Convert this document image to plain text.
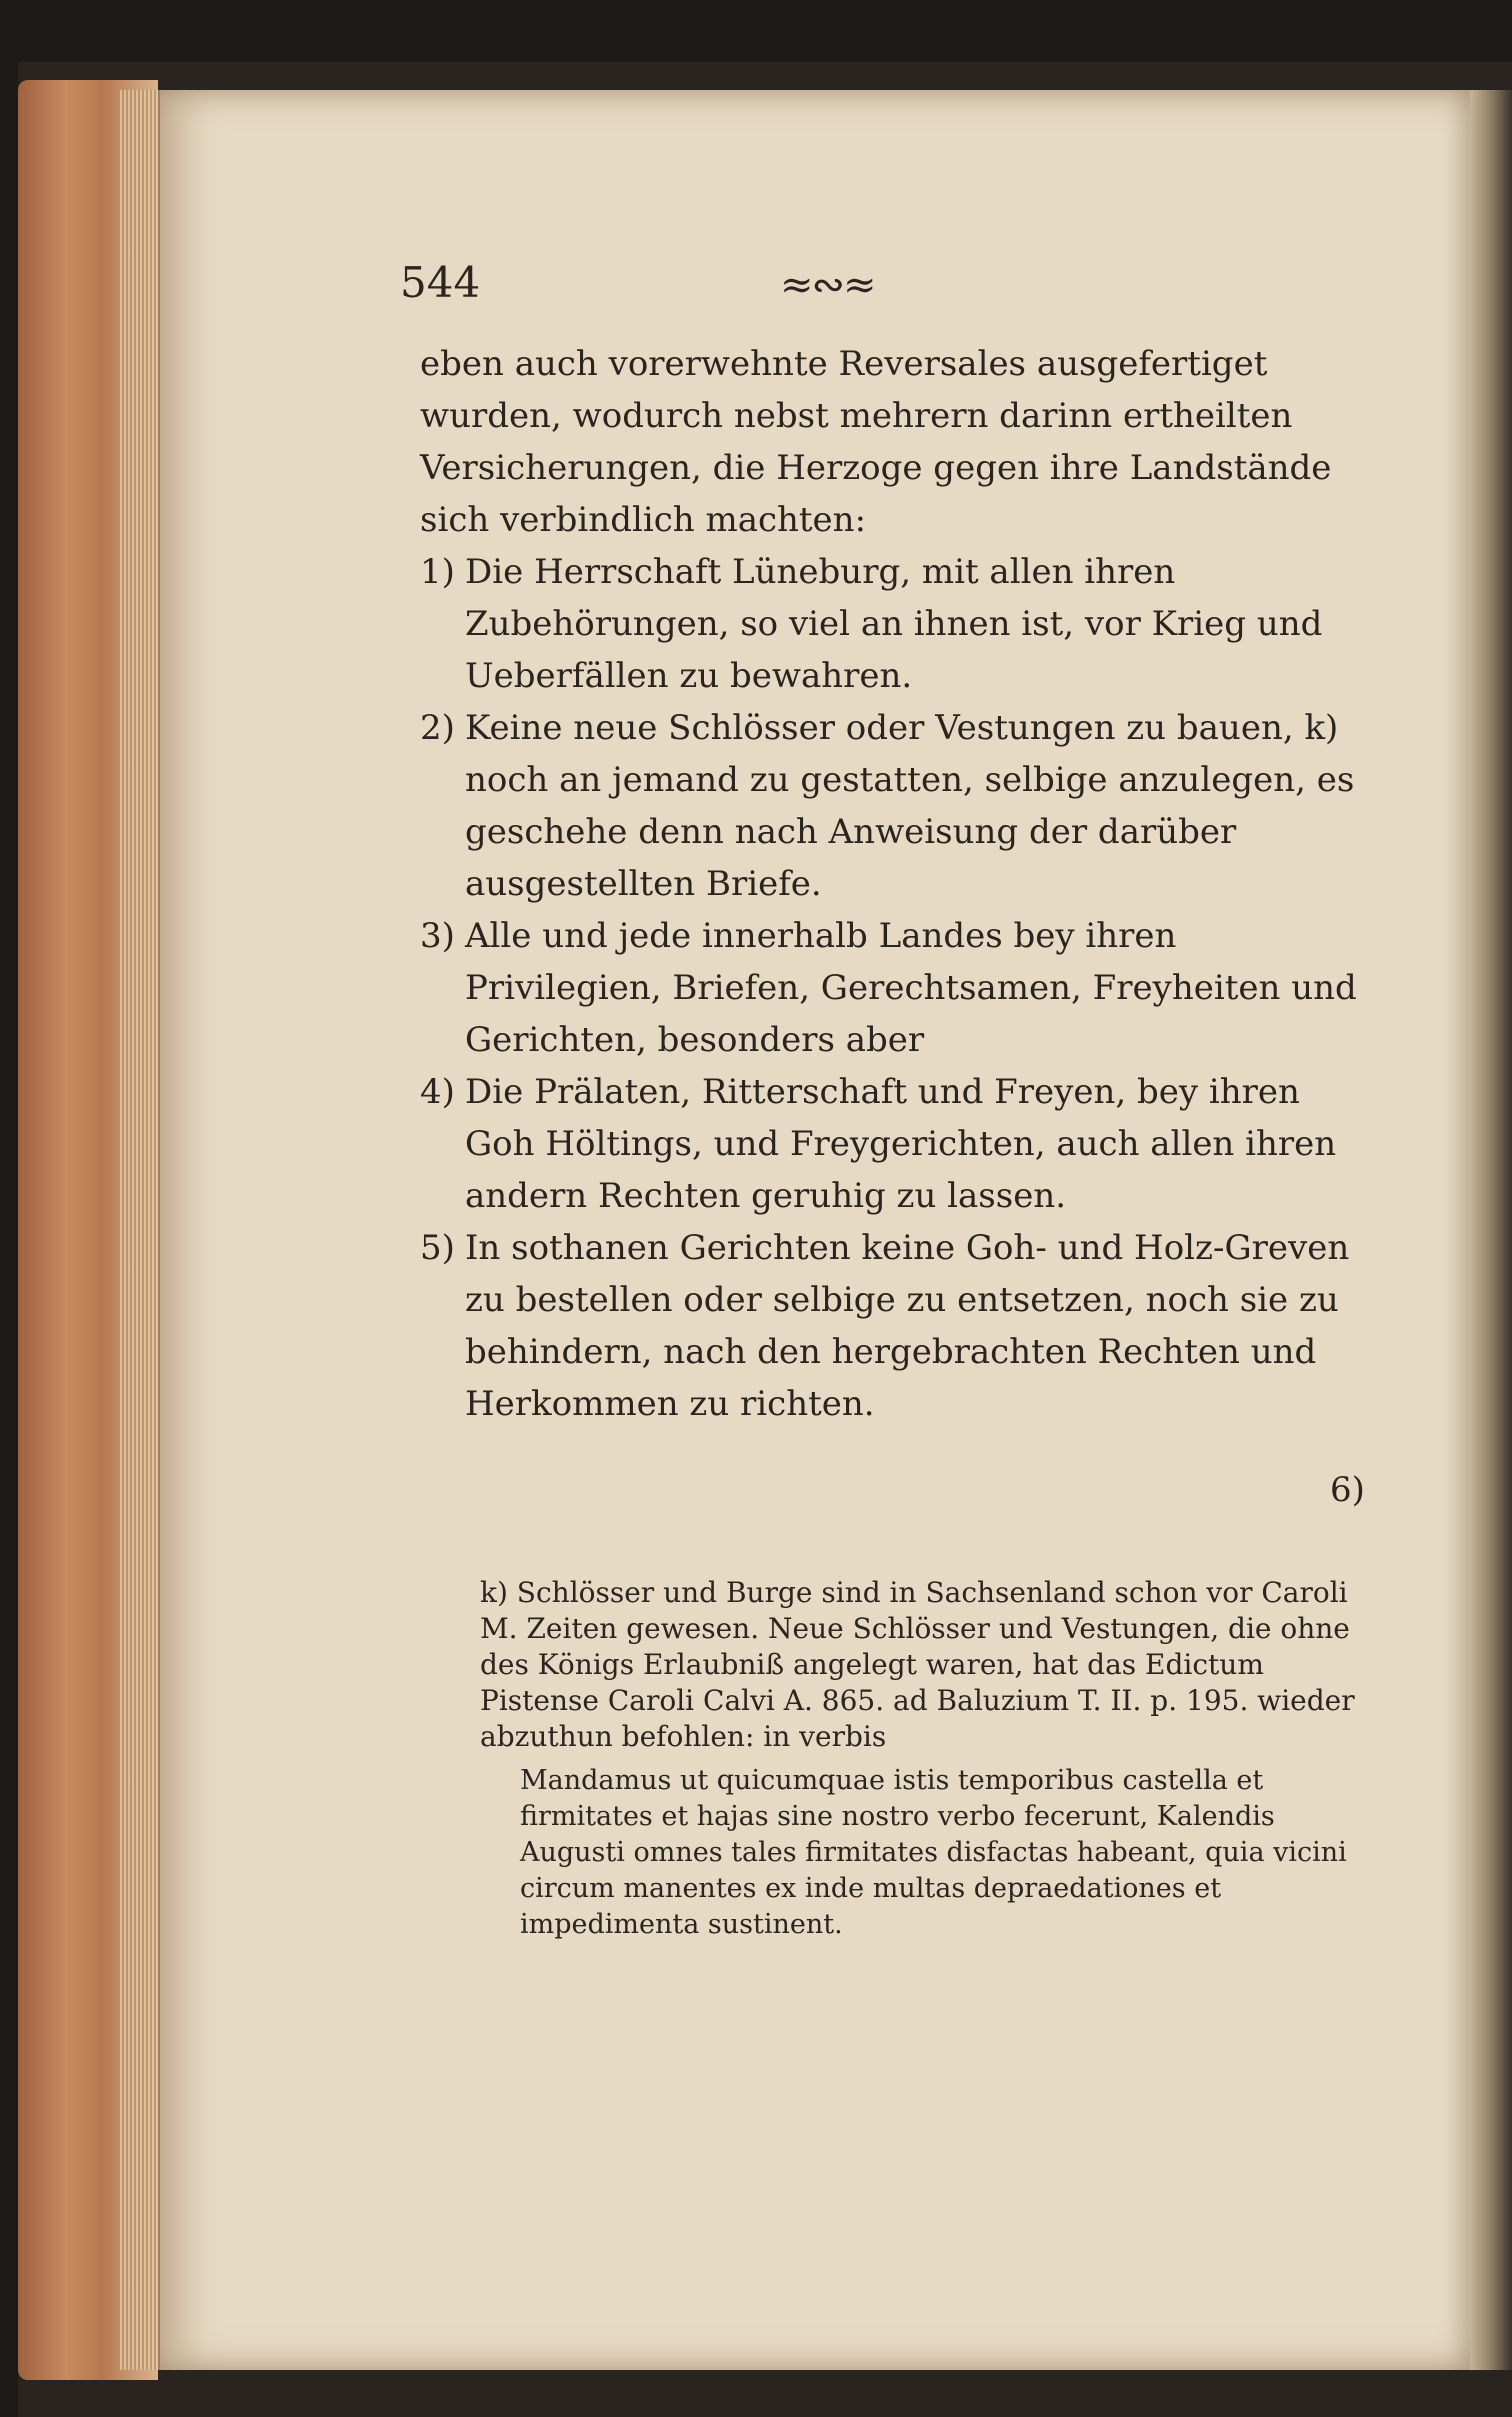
544	≈∾≈

eben auch vorerwehnte Reversales ausgefertiget wurden, wodurch nebst mehrern darinn ertheilten Versicherungen, die Herzoge gegen ihre Landstände sich verbindlich machten:

1) Die Herrschaft Lüneburg, mit allen ihren Zubehörungen, so viel an ihnen ist, vor Krieg und Ueberfällen zu bewahren.

2) Keine neue Schlösser oder Vestungen zu bauen, k) noch an jemand zu gestatten, selbige anzulegen, es geschehe denn nach Anweisung der darüber ausgestellten Briefe.

3) Alle und jede innerhalb Landes bey ihren Privilegien, Briefen, Gerechtsamen, Freyheiten und Gerichten, besonders aber

4) Die Prälaten, Ritterschaft und Freyen, bey ihren Goh Höltings, und Freygerichten, auch allen ihren andern Rechten geruhig zu lassen.

5) In sothanen Gerichten keine Goh- und Holz-Greven zu bestellen oder selbige zu entsetzen, noch sie zu behindern, nach den hergebrachten Rechten und Herkommen zu richten.

6)

k) Schlösser und Burge sind in Sachsenland schon vor Caroli M. Zeiten gewesen. Neue Schlösser und Vestungen, die ohne des Königs Erlaubniß angelegt waren, hat das Edictum Pistense Caroli Calvi A. 865. ad Baluzium T. II. p. 195. wieder abzuthun befohlen: in verbis

Mandamus ut quicumquae istis temporibus castella et firmitates et hajas sine nostro verbo fecerunt, Kalendis Augusti omnes tales firmitates disfactas habeant, quia vicini circum manentes ex inde multas depraedationes et impedimenta sustinent.
